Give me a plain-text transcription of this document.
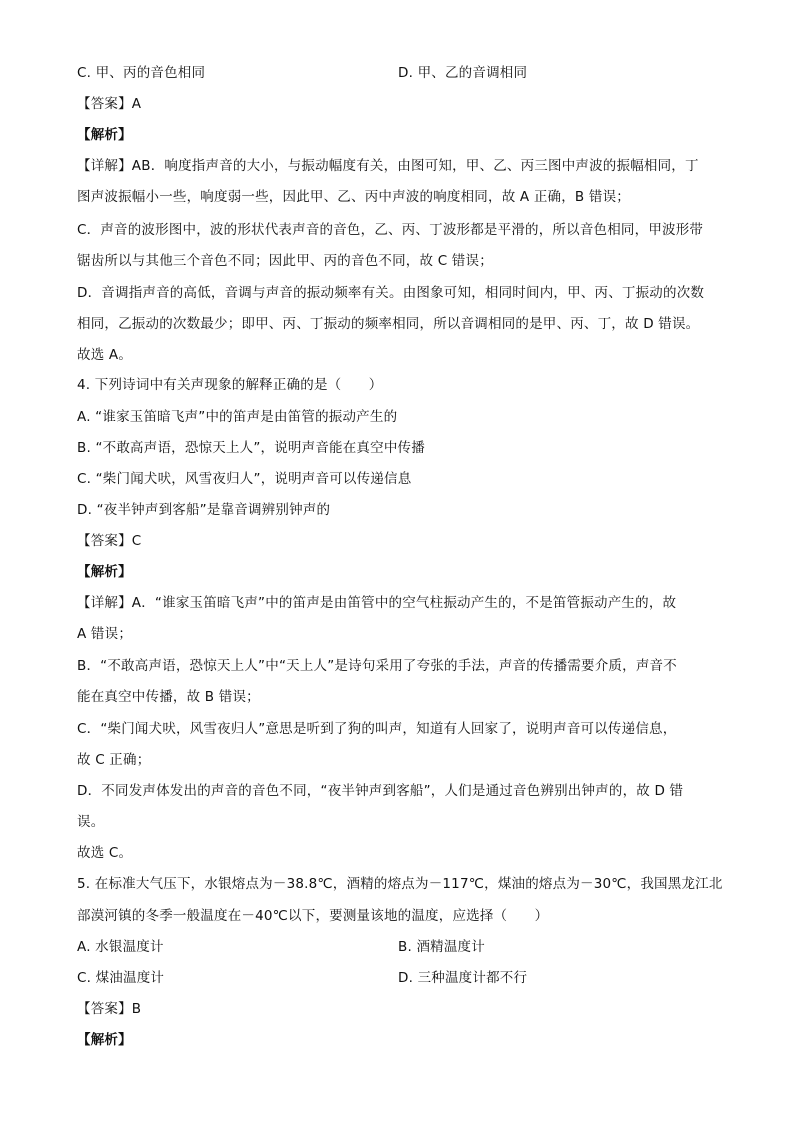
C. 甲、丙的音色相同	D. 甲、乙的音调相同
【答案】A
【解析】
【详解】AB．响度指声音的大小，与振动幅度有关，由图可知，甲、乙、丙三图中声波的振幅相同，丁
图声波振幅小一些，响度弱一些，因此甲、乙、丙中声波的响度相同，故 A 正确，B 错误；
C．声音的波形图中，波的形状代表声音的音色，乙、丙、丁波形都是平滑的，所以音色相同，甲波形带
锯齿所以与其他三个音色不同；因此甲、丙的音色不同，故 C 错误；
D．音调指声音的高低，音调与声音的振动频率有关。由图象可知，相同时间内，甲、丙、丁振动的次数
相同，乙振动的次数最少；即甲、丙、丁振动的频率相同，所以音调相同的是甲、丙、丁，故 D 错误。
故选 A。
4. 下列诗词中有关声现象的解释正确的是（　　）
A. “谁家玉笛暗飞声”中的笛声是由笛管的振动产生的
B. “不敢高声语，恐惊天上人”，说明声音能在真空中传播
C. “柴门闻犬吠，风雪夜归人”，说明声音可以传递信息
D. “夜半钟声到客船”是靠音调辨别钟声的
【答案】C
【解析】
【详解】A．“谁家玉笛暗飞声”中的笛声是由笛管中的空气柱振动产生的，不是笛管振动产生的，故
A 错误；
B．“不敢高声语，恐惊天上人”中“天上人”是诗句采用了夸张的手法，声音的传播需要介质，声音不
能在真空中传播，故 B 错误；
C．“柴门闻犬吠，风雪夜归人”意思是听到了狗的叫声，知道有人回家了，说明声音可以传递信息，
故 C 正确；
D．不同发声体发出的声音的音色不同，“夜半钟声到客船”，人们是通过音色辨别出钟声的，故 D 错
误。
故选 C。
5. 在标准大气压下，水银熔点为－38.8℃，酒精的熔点为－117℃，煤油的熔点为－30℃，我国黑龙江北
部漠河镇的冬季一般温度在－40℃以下，要测量该地的温度，应选择（　　）
A. 水银温度计	B. 酒精温度计
C. 煤油温度计	D. 三种温度计都不行
【答案】B
【解析】
